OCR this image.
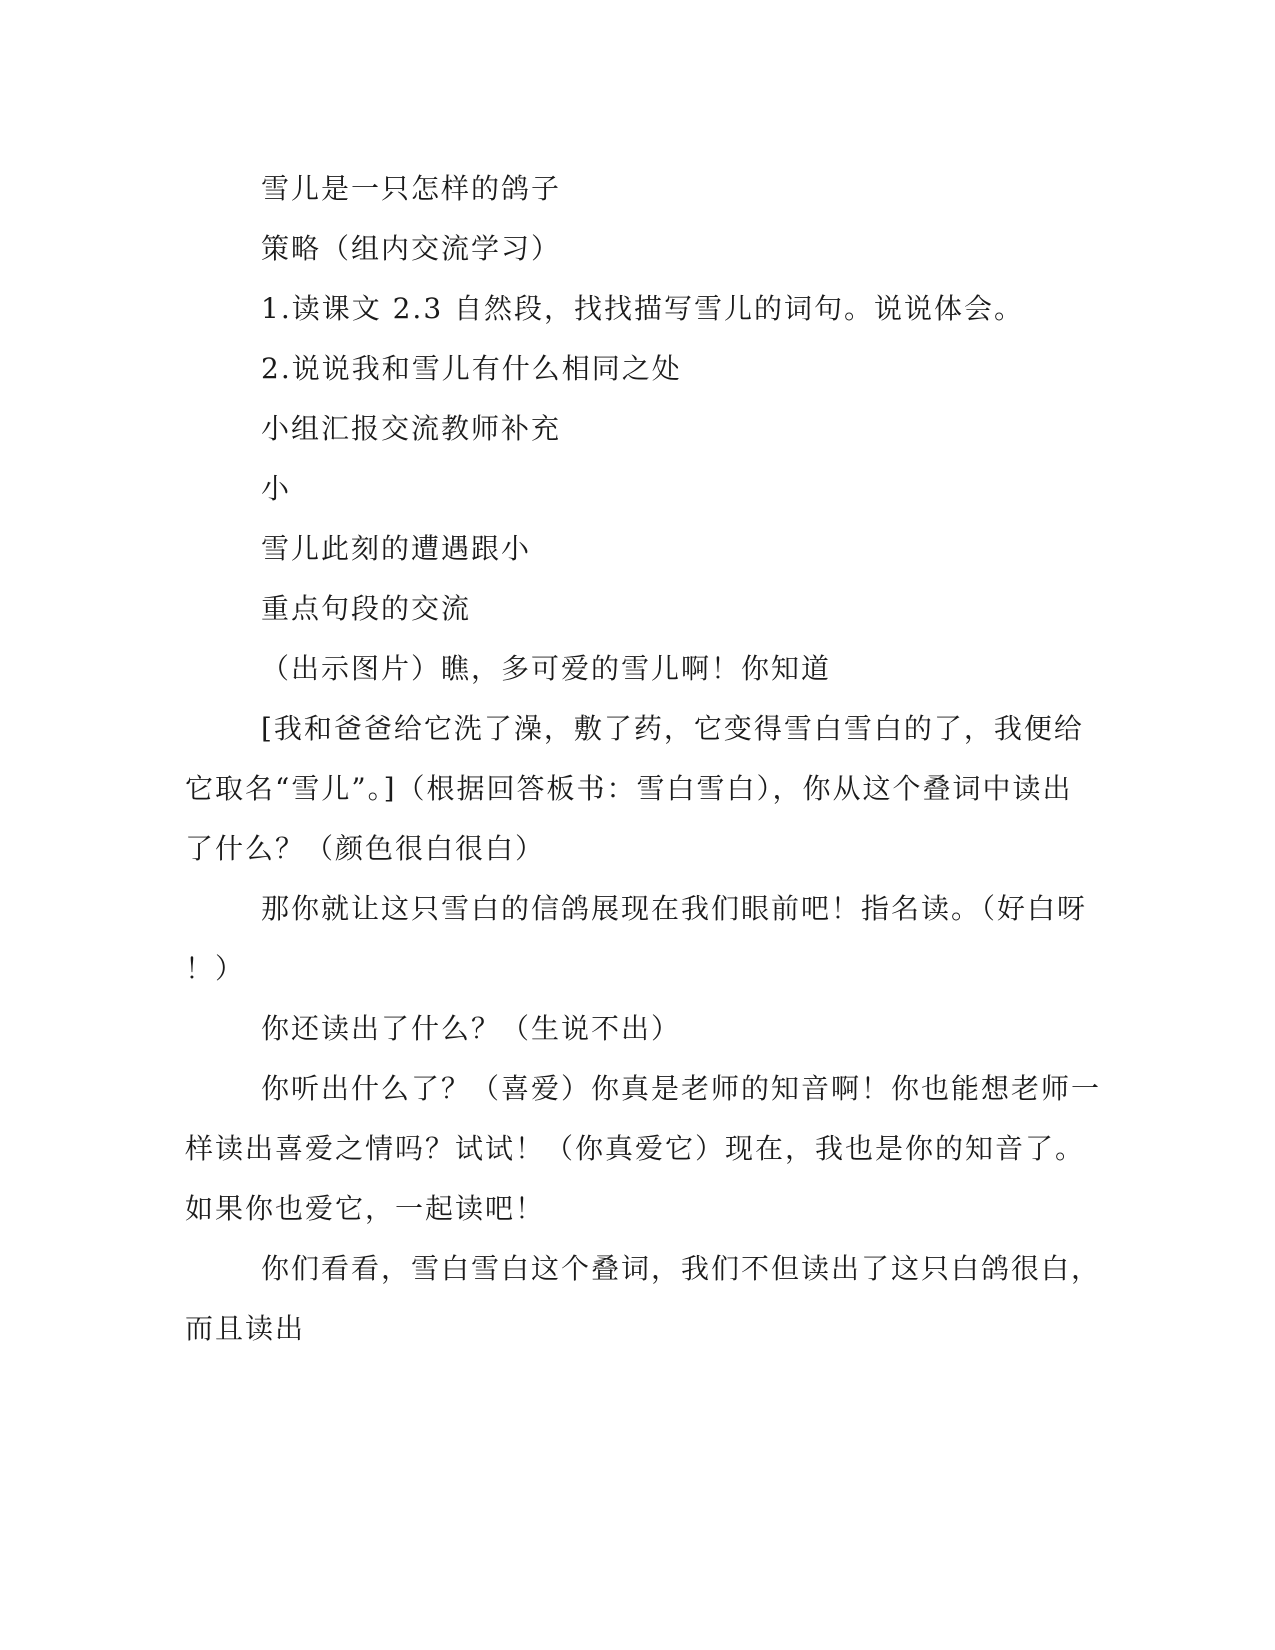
雪儿是一只怎样的鸽子
策略（组内交流学习）
1.读课文 2.3 自然段，找找描写雪儿的词句。说说体会。
2.说说我和雪儿有什么相同之处
小组汇报交流教师补充
小
雪儿此刻的遭遇跟小
重点句段的交流
（出示图片）瞧，多可爱的雪儿啊！你知道
[我和爸爸给它洗了澡，敷了药，它变得雪白雪白的了，我便给
它取名“雪儿”。]（根据回答板书：雪白雪白），你从这个叠词中读出
了什么？（颜色很白很白）
那你就让这只雪白的信鸽展现在我们眼前吧！指名读。（好白呀
！）
你还读出了什么？（生说不出）
你听出什么了？（喜爱）你真是老师的知音啊！你也能想老师一
样读出喜爱之情吗？试试！（你真爱它）现在，我也是你的知音了。
如果你也爱它，一起读吧！
你们看看，雪白雪白这个叠词，我们不但读出了这只白鸽很白，
而且读出
